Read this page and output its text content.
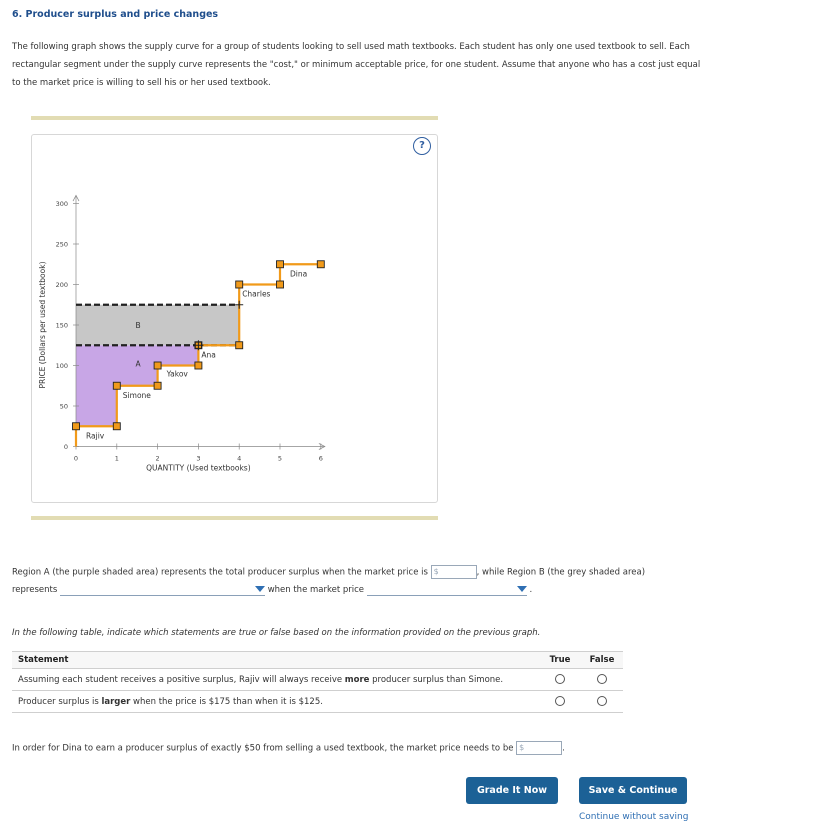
6. Producer surplus and price changes
The following graph shows the supply curve for a group of students looking to sell used math textbooks. Each student has only one used textbook to sell. Each rectangular segment under the supply curve represents the "cost," or minimum acceptable price, for one student. Assume that anyone who has a cost just equal to the market price is willing to sell his or her used textbook.
0	1	2	3	4	5	6
0
50
100
150
200
250
300
QUANTITY (Used textbooks)
PRICE (Dollars per used textbook)
Rajiv
Simone
Yakov
Ana
Charles
Dina
A
B
?
Region A (the purple shaded area) represents the total producer surplus when the market price is $	, while Region B (the grey shaded area)
represents	when the market price	.
In the following table, indicate which statements are true or false based on the information provided on the previous graph.
Statement	True	False
Assuming each student receives a positive surplus, Rajiv will always receive more producer surplus than Simone.		
Producer surplus is larger when the price is $175 than when it is $125.		
In order for Dina to earn a producer surplus of exactly $50 from selling a used textbook, the market price needs to be $	.
Grade It Now	Save & Continue
Continue without saving
